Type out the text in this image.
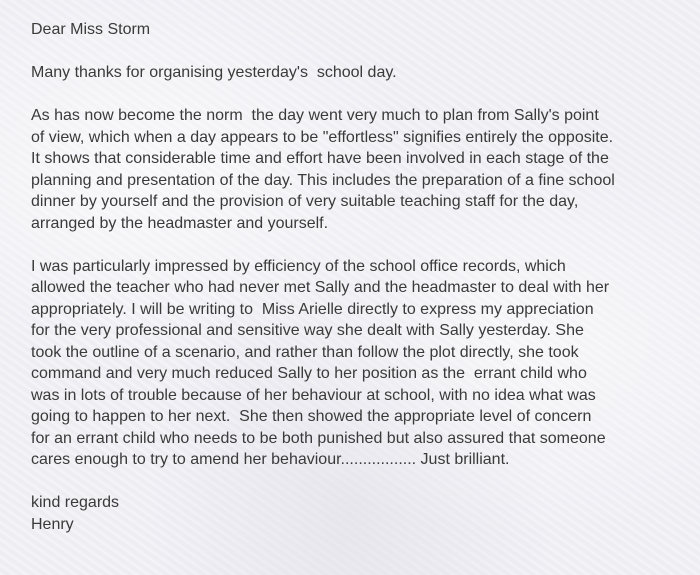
Dear Miss Storm

Many thanks for organising yesterday's  school day.

As has now become the norm  the day went very much to plan from Sally's point

of view, which when a day appears to be "effortless" signifies entirely the opposite.

It shows that considerable time and effort have been involved in each stage of the

planning and presentation of the day. This includes the preparation of a fine school

dinner by yourself and the provision of very suitable teaching staff for the day,

arranged by the headmaster and yourself.

I was particularly impressed by efficiency of the school office records, which

allowed the teacher who had never met Sally and the headmaster to deal with her

appropriately. I will be writing to  Miss Arielle directly to express my appreciation

for the very professional and sensitive way she dealt with Sally yesterday. She

took the outline of a scenario, and rather than follow the plot directly, she took

command and very much reduced Sally to her position as the  errant child who

was in lots of trouble because of her behaviour at school, with no idea what was

going to happen to her next.  She then showed the appropriate level of concern

for an errant child who needs to be both punished but also assured that someone

cares enough to try to amend her behaviour................. Just brilliant.

kind regards

Henry
